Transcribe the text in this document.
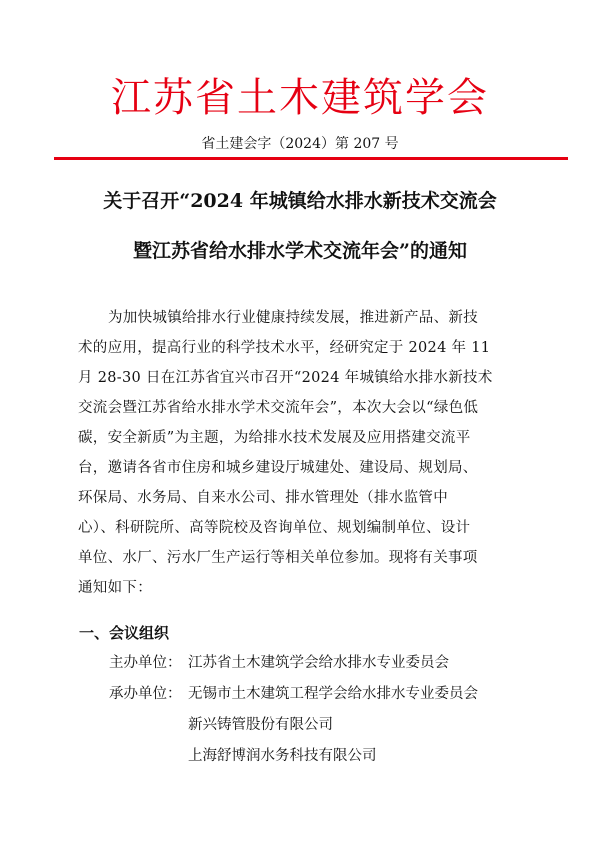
江苏省土木建筑学会
省土建会字（2024）第 207 号
关于召开“2024 年城镇给水排水新技术交流会
暨江苏省给水排水学术交流年会”的通知
为加快城镇给排水行业健康持续发展，推进新产品、新技
术的应用，提高行业的科学技术水平，经研究定于 2024 年 11
月 28-30 日在江苏省宜兴市召开“2024 年城镇给水排水新技术
交流会暨江苏省给水排水学术交流年会”，本次大会以“绿色低
碳，安全新质”为主题，为给排水技术发展及应用搭建交流平
台，邀请各省市住房和城乡建设厅城建处、建设局、规划局、
环保局、水务局、自来水公司、排水管理处（排水监管中
心）、科研院所、高等院校及咨询单位、规划编制单位、设计
单位、水厂、污水厂生产运行等相关单位参加。现将有关事项
通知如下：
一、会议组织
主办单位： 江苏省土木建筑学会给水排水专业委员会
承办单位： 无锡市土木建筑工程学会给水排水专业委员会
新兴铸管股份有限公司
上海舒博润水务科技有限公司
